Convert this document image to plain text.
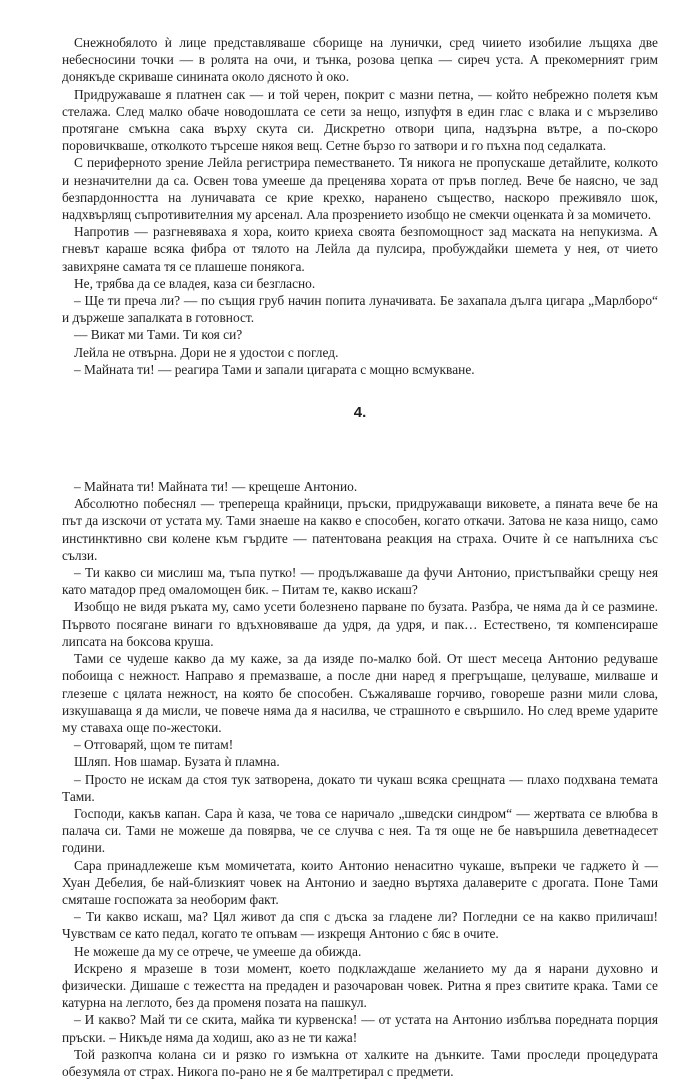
Снежнобялото ѝ лице представляваше сборище на лунички, сред чиието изобилие лъщяха две небесносини точки — в ролята на очи, и тънка, розова цепка — сиреч уста. А прекомерният грим донякъде скриваше синината около дясното ѝ око.

Придружаваше я платнен сак — и той черен, покрит с мазни петна, — който небрежно полетя към стелажа. След малко обаче новодошлата се сети за нещо, изпуфтя в един глас с влака и с мързеливо протягане смъкна сака върху скута си. Дискретно отвори ципа, надзърна вътре, а по-скоро поровичкваше, отколкото търсеше някоя вещ. Сетне бързо го затвори и го пъхна под седалката.

С периферното зрение Лейла регистрира пеместването. Тя никога не пропускаше детайлите, колкото и незначителни да са. Освен това умееше да преценява хората от пръв поглед. Вече бе наясно, че зад безпардонността на луничавата се крие крехко, наранено същество, наскоро преживяло шок, надхвърлящ съпротивителния му арсенал. Ала прозрението изобщо не смекчи оценката ѝ за момичето.

Напротив — разгневяваха я хора, които криеха своята безпомощност зад маската на непукизма. А гневът караше всяка фибра от тялото на Лейла да пулсира, пробуждайки шемета у нея, от чието завихряне самата тя се плашеше понякога.

Не, трябва да се владея, каза си безгласно.

– Ще ти преча ли? — по същия груб начин попита луначивата. Бе захапала дълга цигара „Марлборо“ и държеше запалката в готовност.

— Викат ми Тами. Ти коя си?

Лейла не отвърна. Дори не я удостои с поглед.

– Майната ти! — реагира Тами и запали цигарата с мощно всмукване.

4.

– Майната ти! Майната ти! — крещеше Антонио.

Абсолютно побеснял — трепереща крайници, пръски, придружаващи виковете, а пяната вече бе на път да изскочи от устата му. Тами знаеше на какво е способен, когато откачи. Затова не каза нищо, само инстинктивно сви колене към гърдите — патентована реакция на страха. Очите ѝ се напълниха със сълзи.

– Ти какво си мислиш ма, тъпа путко! — продължаваше да фучи Антонио, пристъпвайки срещу нея като матадор пред омаломощен бик. – Питам те, какво искаш?

Изобщо не видя ръката му, само усети болезнено парване по бузата. Разбра, че няма да ѝ се размине. Първото посягане винаги го вдъхновяваше да удря, да удря, и пак… Естествено, тя компенсираше липсата на боксова круша.

Тами се чудеше какво да му каже, за да изяде по-малко бой. От шест месеца Антонио редуваше побоища с нежност. Направо я премазваше, а после дни наред я прегръщаше, целуваше, милваше и глезеше с цялата нежност, на която бе способен. Съжаляваше горчиво, говореше разни мили слова, изкушаваща я да мисли, че повече няма да я насилва, че страшното е свършило. Но след време ударите му ставаха още по-жестоки.

– Отговаряй, щом те питам!

Шляп. Нов шамар. Бузата ѝ пламна.

– Просто не искам да стоя тук затворена, докато ти чукаш всяка срещната — плахо подхвана темата Тами.

Господи, какъв капан. Сара ѝ каза, че това се наричало „шведски синдром“ — жертвата се влюбва в палача си. Тами не можеше да повярва, че се случва с нея. Та тя още не бе навършила деветнадесет години.

Сара принадлежеше към момичетата, които Антонио ненаситно чукаше, въпреки че гаджето ѝ — Хуан Дебелия, бе най-близкият човек на Антонио и заедно въртяха далаверите с дрогата. Поне Тами смяташе госпожата за необорим факт.

– Ти какво искаш, ма? Цял живот да спя с дъска за гладене ли? Погледни се на какво приличаш! Чувствам се като педал, когато те опъвам — изкрещя Антонио с бяс в очите.

Не можеше да му се отрече, че умееше да обижда.

Искрено я мразеше в този момент, което подклаждаше желанието му да я нарани духовно и физически. Дишаше с тежестта на предаден и разочарован човек. Ритна я през свитите крака. Тами се катурна на леглото, без да променя позата на пашкул.

– И какво? Май ти се скита, майка ти курвенска! — от устата на Антонио изблъва поредната порция пръски. – Никъде няма да ходиш, ако аз не ти кажа!

Той разкопча колана си и рязко го измъкна от халките на дънките. Тами проследи процедурата обезумяла от страх. Никога по-рано не я бе малтретирал с предмети.
